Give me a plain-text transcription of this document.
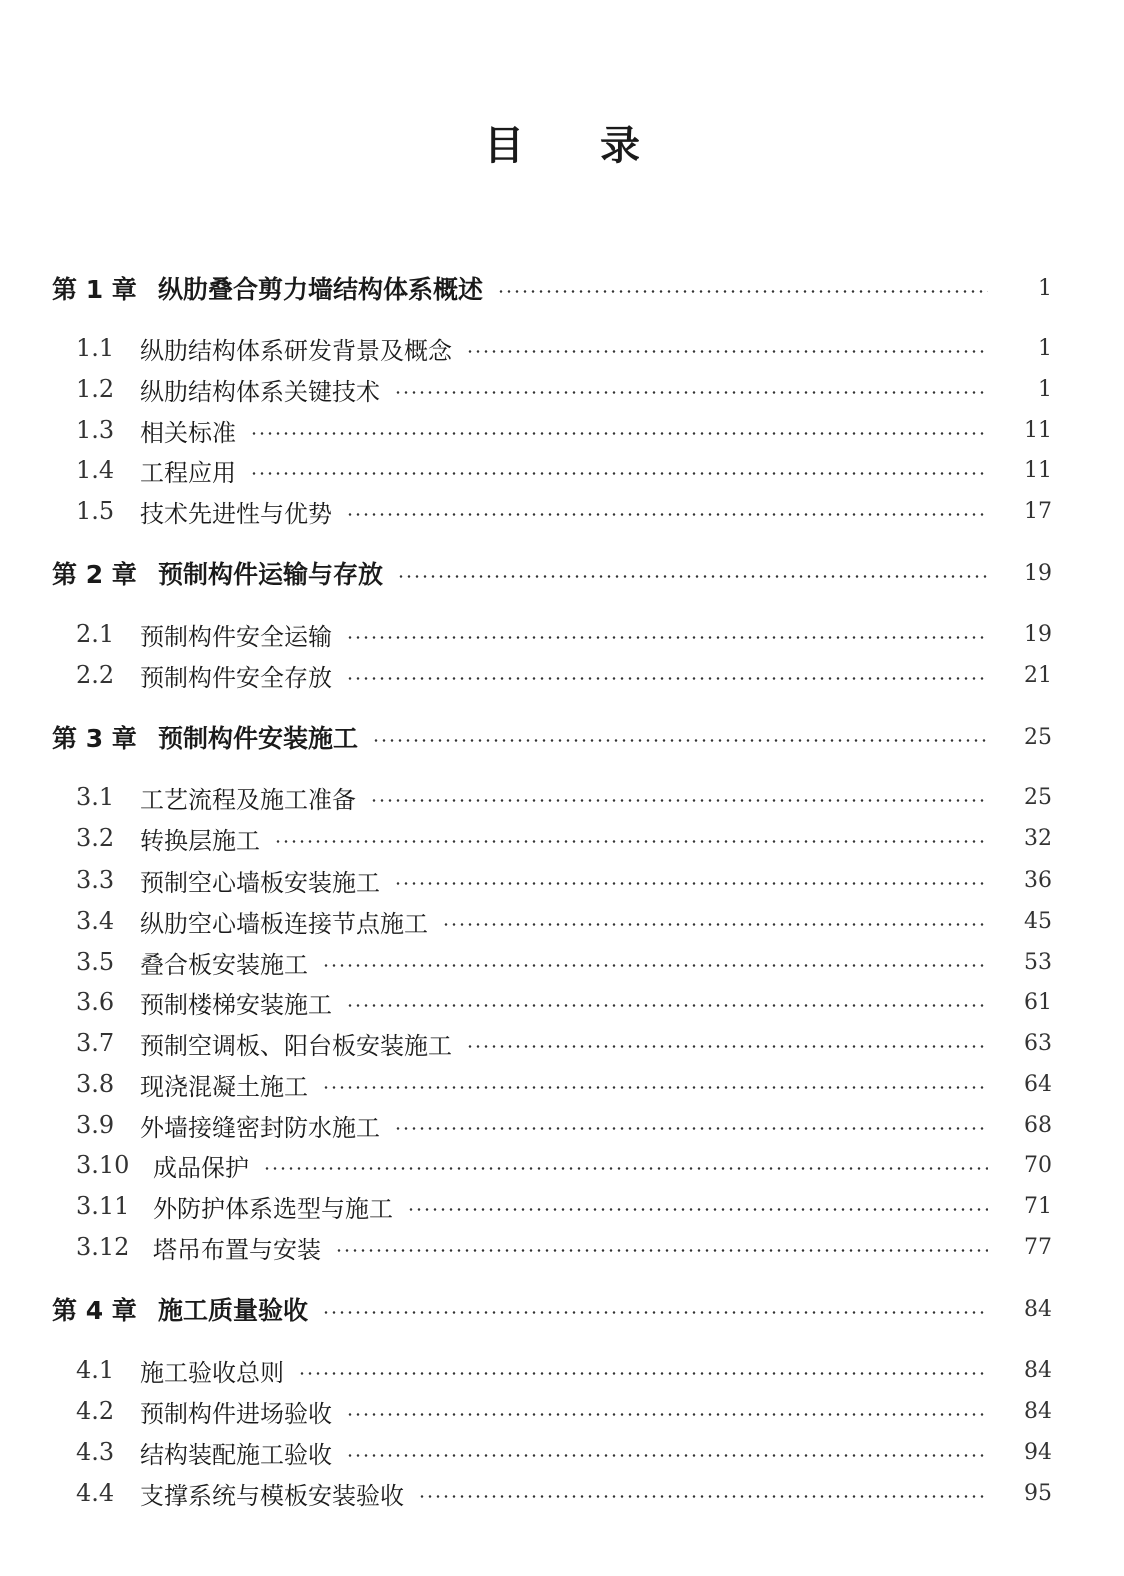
目 录
第 1 章 纵肋叠合剪力墙结构体系概述	1
1.1	纵肋结构体系研发背景及概念	1
1.2	纵肋结构体系关键技术	1
1.3	相关标准	11
1.4	工程应用	11
1.5	技术先进性与优势	17
第 2 章 预制构件运输与存放	19
2.1	预制构件安全运输	19
2.2	预制构件安全存放	21
第 3 章 预制构件安装施工	25
3.1	工艺流程及施工准备	25
3.2	转换层施工	32
3.3	预制空心墙板安装施工	36
3.4	纵肋空心墙板连接节点施工	45
3.5	叠合板安装施工	53
3.6	预制楼梯安装施工	61
3.7	预制空调板、阳台板安装施工	63
3.8	现浇混凝土施工	64
3.9	外墙接缝密封防水施工	68
3.10 成品保护	70
3.11 外防护体系选型与施工	71
3.12 塔吊布置与安装	77
第 4 章 施工质量验收	84
4.1	施工验收总则	84
4.2	预制构件进场验收	84
4.3	结构装配施工验收	94
4.4	支撑系统与模板安装验收	95
